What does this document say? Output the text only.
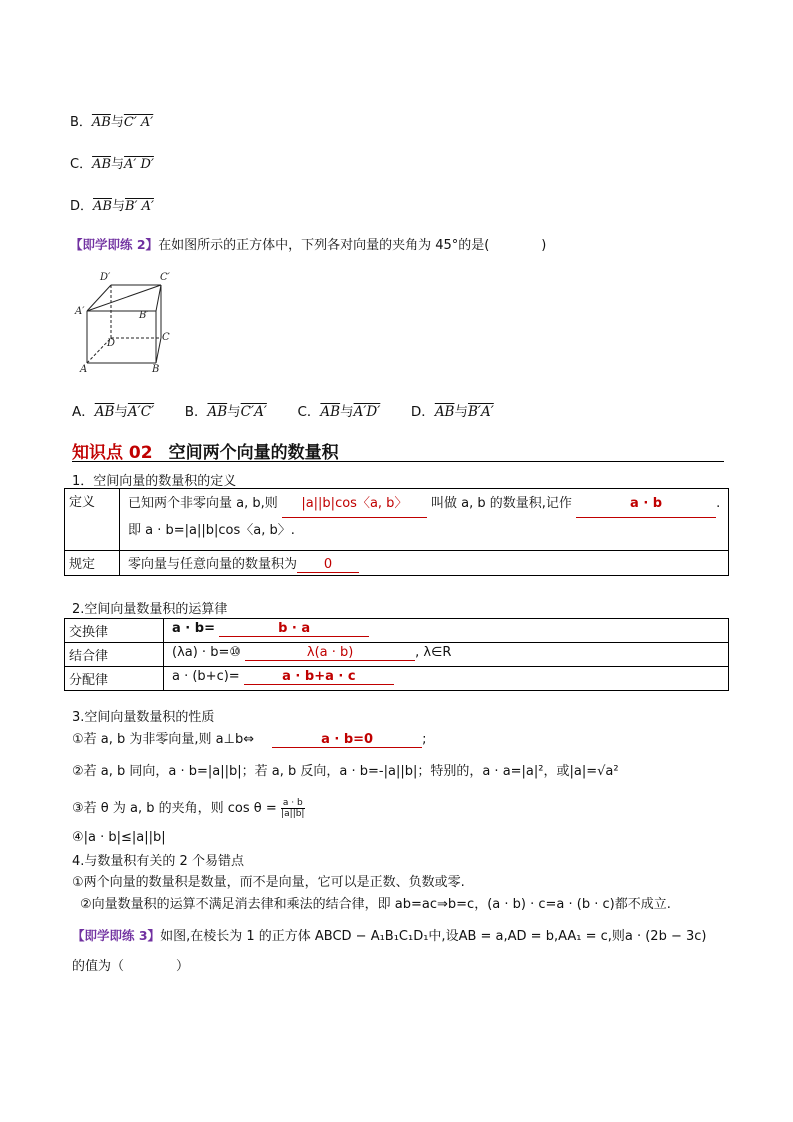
B．$\overline{AB}$与C′ A′
C．$\overline{AB}$与A′ D′
D．$\overline{AB}$与B′ A′
【即学即练 2】在如图所示的正方体中，下列各对向量的夹角为 45°的是(　　　　)
D′	C′
A′	B′
D
C
A	B
A．$\overline{AB}$与A′C′ B．$\overline{AB}$与C′A′ C．$\overline{AB}$与A′D′ D．$\overline{AB}$与B′A′
知识点 02 空间两个向量的数量积
1．空间向量的数量积的定义
定义	已知两个非零向量 a, b,则 |a||b|cos〈a, b〉 叫做 a, b 的数量积,记作 a · b .
即 a · b=|a||b|cos〈a, b〉.
规定	零向量与任意向量的数量积为 0
2.空间向量数量积的运算律
交换律	a · b= b · a
结合律	(λa) · b=⑩ λ(a · b) , λ∈R
分配律	a · (b+c)= a · b+a · c
3.空间向量数量积的性质
①若 a, b 为非零向量,则 a⊥b⇔	a · b=0	;
②若 a, b 同向，a · b=|a||b|；若 a, b 反向，a · b=-|a||b|；特别的，a · a=|a|²，或|a|=√a²
③若 θ 为 a, b 的夹角，则 $\cos \theta = \frac{a \cdot b}{|a||b|}$
④|a · b|≤|a||b|
4.与数量积有关的 2 个易错点
①两个向量的数量积是数量，而不是向量，它可以是正数、负数或零.
②向量数量积的运算不满足消去律和乘法的结合律，即 ab=ac⇒b=c，(a · b) · c=a · (b · c)都不成立.
【即学即练 3】如图,在棱长为 1 的正方体 ABCD − A₁B₁C₁D₁中,设AB = a,AD = b,AA₁ = c,则a · (2b − 3c)
的值为（　　　　）
